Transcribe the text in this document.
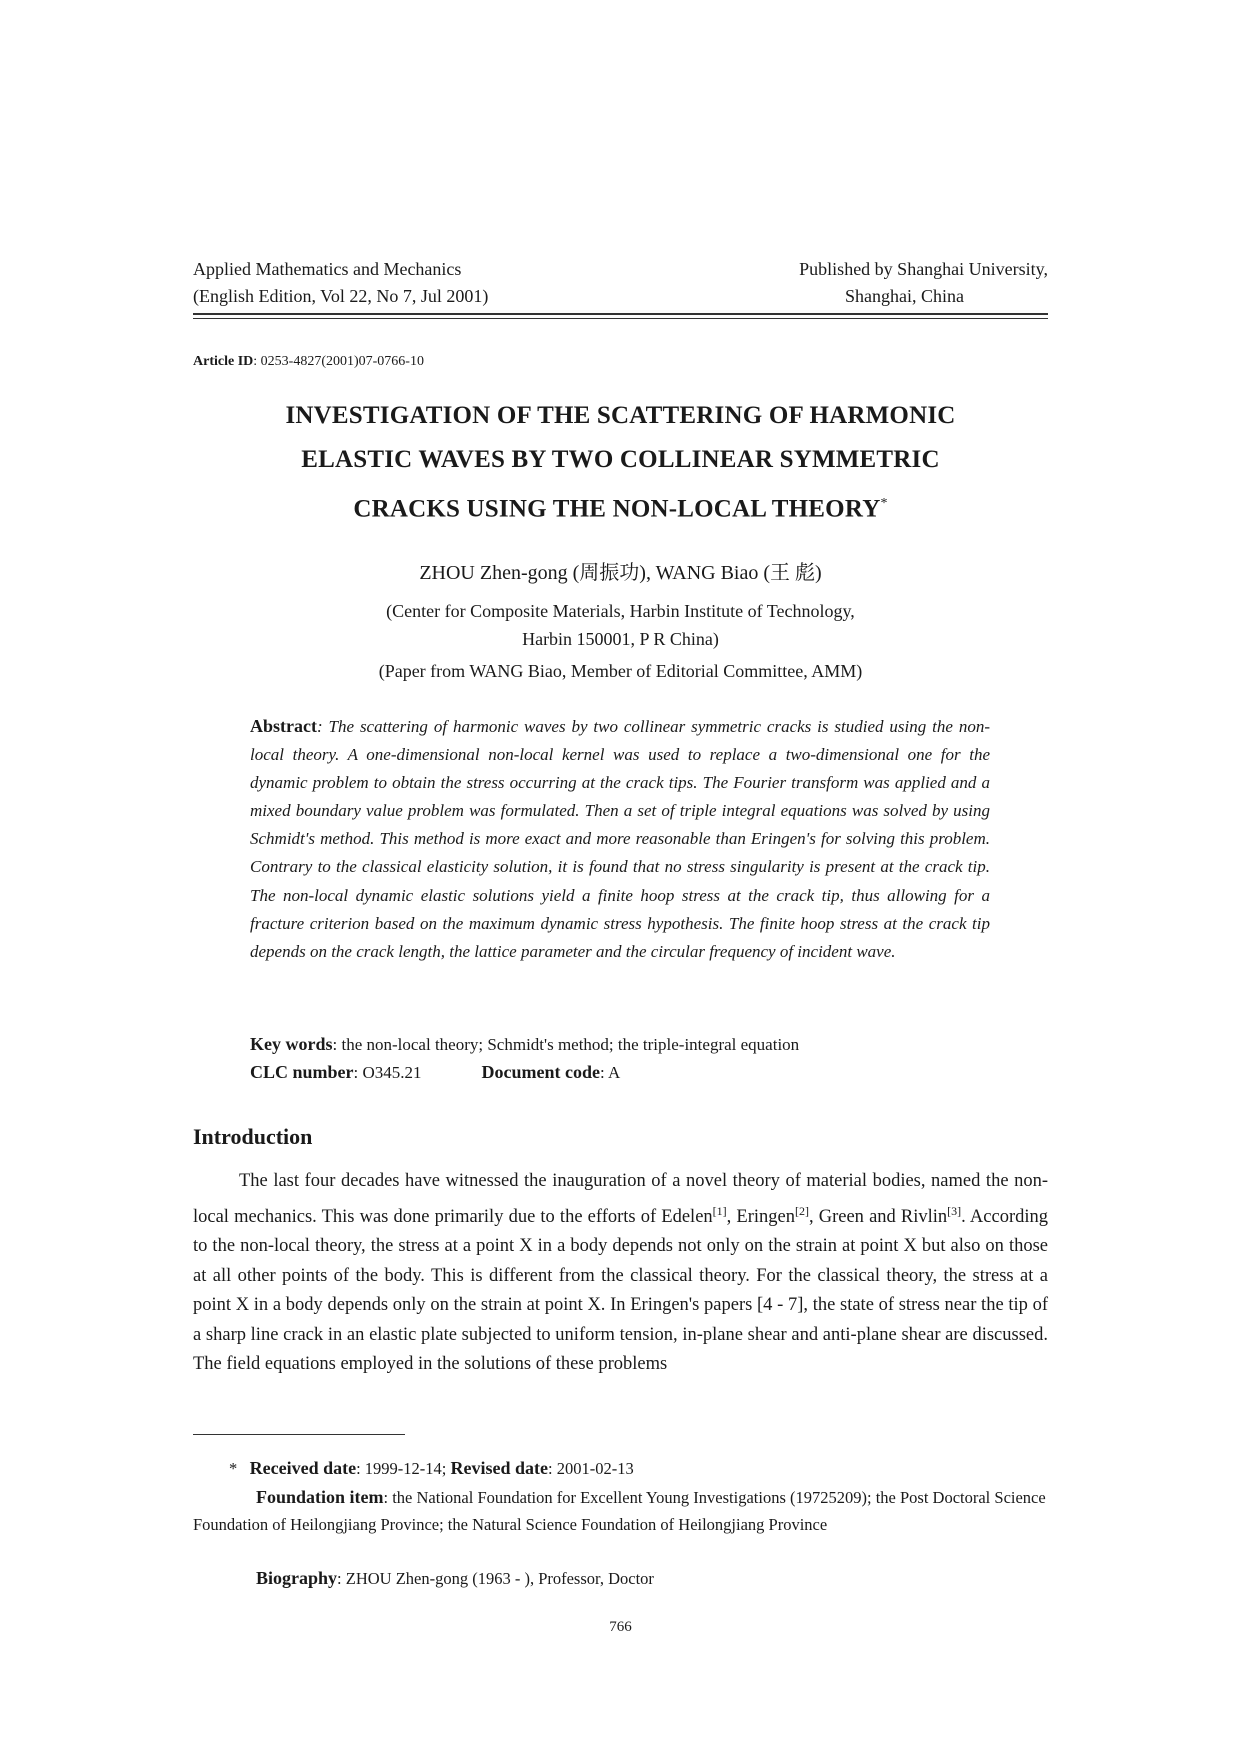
Applied Mathematics and Mechanics
(English Edition, Vol 22, No 7, Jul 2001)
Published by Shanghai University,
Shanghai, China
Article ID: 0253-4827(2001)07-0766-10
INVESTIGATION OF THE SCATTERING OF HARMONIC
ELASTIC WAVES BY TWO COLLINEAR SYMMETRIC
CRACKS USING THE NON-LOCAL THEORY*
ZHOU Zhen-gong (周振功), WANG Biao (王 彪)
(Center for Composite Materials, Harbin Institute of Technology,
Harbin 150001, P R China)
(Paper from WANG Biao, Member of Editorial Committee, AMM)
Abstract: The scattering of harmonic waves by two collinear symmetric cracks is studied using the non-local theory. A one-dimensional non-local kernel was used to replace a two-dimensional one for the dynamic problem to obtain the stress occurring at the crack tips. The Fourier transform was applied and a mixed boundary value problem was formulated. Then a set of triple integral equations was solved by using Schmidt's method. This method is more exact and more reasonable than Eringen's for solving this problem. Contrary to the classical elasticity solution, it is found that no stress singularity is present at the crack tip. The non-local dynamic elastic solutions yield a finite hoop stress at the crack tip, thus allowing for a fracture criterion based on the maximum dynamic stress hypothesis. The finite hoop stress at the crack tip depends on the crack length, the lattice parameter and the circular frequency of incident wave.
Key words: the non-local theory; Schmidt's method; the triple-integral equation
CLC number: O345.21	Document code: A
Introduction
The last four decades have witnessed the inauguration of a novel theory of material bodies, named the non-local mechanics. This was done primarily due to the efforts of Edelen[1], Eringen[2], Green and Rivlin[3]. According to the non-local theory, the stress at a point X in a body depends not only on the strain at point X but also on those at all other points of the body. This is different from the classical theory. For the classical theory, the stress at a point X in a body depends only on the strain at point X. In Eringen's papers [4 - 7], the state of stress near the tip of a sharp line crack in an elastic plate subjected to uniform tension, in-plane shear and anti-plane shear are discussed. The field equations employed in the solutions of these problems
* Received date: 1999-12-14; Revised date: 2001-02-13
Foundation item: the National Foundation for Excellent Young Investigations (19725209); the Post Doctoral Science Foundation of Heilongjiang Province; the Natural Science Foundation of Heilongjiang Province
Biography: ZHOU Zhen-gong (1963 - ), Professor, Doctor
766
